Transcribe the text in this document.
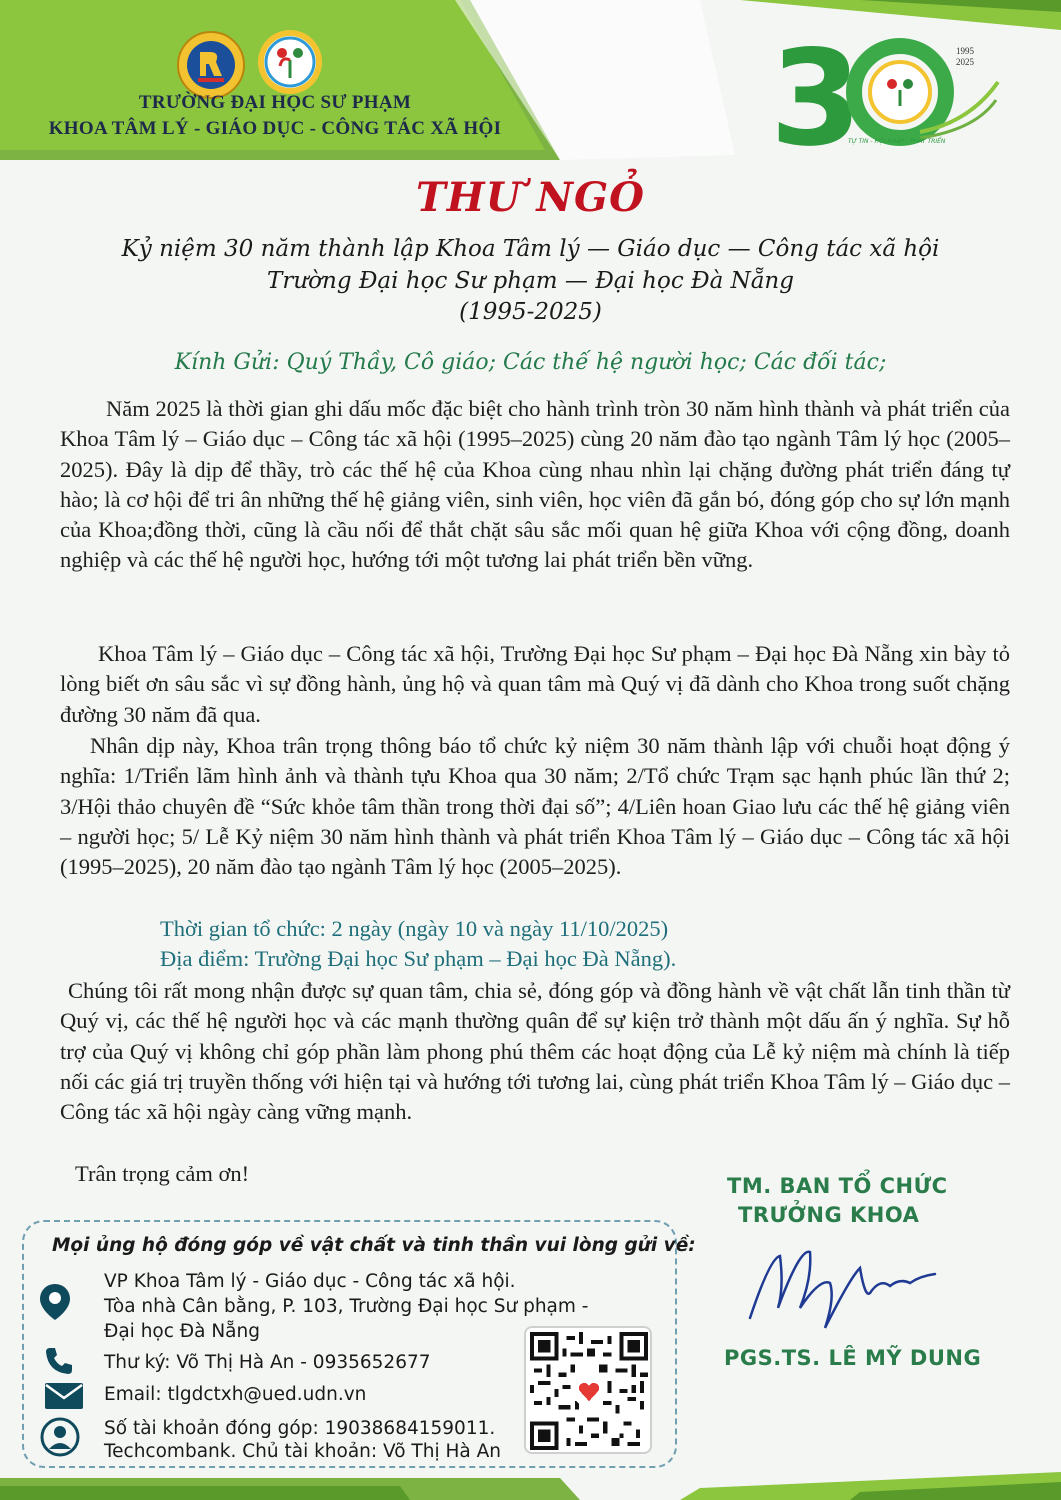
TRƯỜNG ĐẠI HỌC SƯ PHẠM
KHOA TÂM LÝ - GIÁO DỤC - CÔNG TÁC XÃ HỘI	3	1995
2025
TỰ TIN - HỘI NHẬP - PHÁT TRIỂN
THƯ NGỎ
Kỷ niệm 30 năm thành lập Khoa Tâm lý — Giáo dục — Công tác xã hội
Trường Đại học Sư phạm — Đại học Đà Nẵng
(1995-2025)
Kính Gửi: Quý Thầy, Cô giáo; Các thế hệ người học; Các đối tác;
Năm 2025 là thời gian ghi dấu mốc đặc biệt cho hành trình tròn 30 năm hình thành và phát triển của Khoa Tâm lý – Giáo dục – Công tác xã hội (1995–2025) cùng 20 năm đào tạo ngành Tâm lý học (2005–2025). Đây là dịp để thầy, trò các thế hệ của Khoa cùng nhau nhìn lại chặng đường phát triển đáng tự hào; là cơ hội để tri ân những thế hệ giảng viên, sinh viên, học viên đã gắn bó, đóng góp cho sự lớn mạnh của Khoa;đồng thời, cũng là cầu nối để thắt chặt sâu sắc mối quan hệ giữa Khoa với cộng đồng, doanh nghiệp và các thế hệ người học, hướng tới một tương lai phát triển bền vững.
Khoa Tâm lý – Giáo dục – Công tác xã hội, Trường Đại học Sư phạm – Đại học Đà Nẵng xin bày tỏ lòng biết ơn sâu sắc vì sự đồng hành, ủng hộ và quan tâm mà Quý vị đã dành cho Khoa trong suốt chặng đường 30 năm đã qua.
Nhân dịp này, Khoa trân trọng thông báo tổ chức kỷ niệm 30 năm thành lập với chuỗi hoạt động ý nghĩa: 1/Triển lãm hình ảnh và thành tựu Khoa qua 30 năm; 2/Tổ chức Trạm sạc hạnh phúc lần thứ 2; 3/Hội thảo chuyên đề “Sức khỏe tâm thần trong thời đại số”; 4/Liên hoan Giao lưu các thế hệ giảng viên – người học; 5/ Lễ Kỷ niệm 30 năm hình thành và phát triển Khoa Tâm lý – Giáo dục – Công tác xã hội (1995–2025), 20 năm đào tạo ngành Tâm lý học (2005–2025).
Thời gian tổ chức: 2 ngày (ngày 10 và ngày 11/10/2025)
Địa điểm: Trường Đại học Sư phạm – Đại học Đà Nẵng).
Chúng tôi rất mong nhận được sự quan tâm, chia sẻ, đóng góp và đồng hành về vật chất lẫn tinh thần từ Quý vị, các thế hệ người học và các mạnh thường quân để sự kiện trở thành một dấu ấn ý nghĩa. Sự hỗ trợ của Quý vị không chỉ góp phần làm phong phú thêm các hoạt động của Lễ kỷ niệm mà chính là tiếp nối các giá trị truyền thống với hiện tại và hướng tới tương lai, cùng phát triển Khoa Tâm lý – Giáo dục – Công tác xã hội ngày càng vững mạnh.
Trân trọng cảm ơn!	TM. BAN TỔ CHỨC
TRƯỞNG KHOA
PGS.TS. LÊ MỸ DUNG
Mọi ủng hộ đóng góp về vật chất và tinh thần vui lòng gửi về:
VP Khoa Tâm lý - Giáo dục - Công tác xã hội.
Tòa nhà Cân bằng, P. 103, Trường Đại học Sư phạm -
Đại học Đà Nẵng
Thư ký: Võ Thị Hà An - 0935652677
Email: tlgdctxh@ued.udn.vn
Số tài khoản đóng góp: 19038684159011.
Techcombank. Chủ tài khoản: Võ Thị Hà An
